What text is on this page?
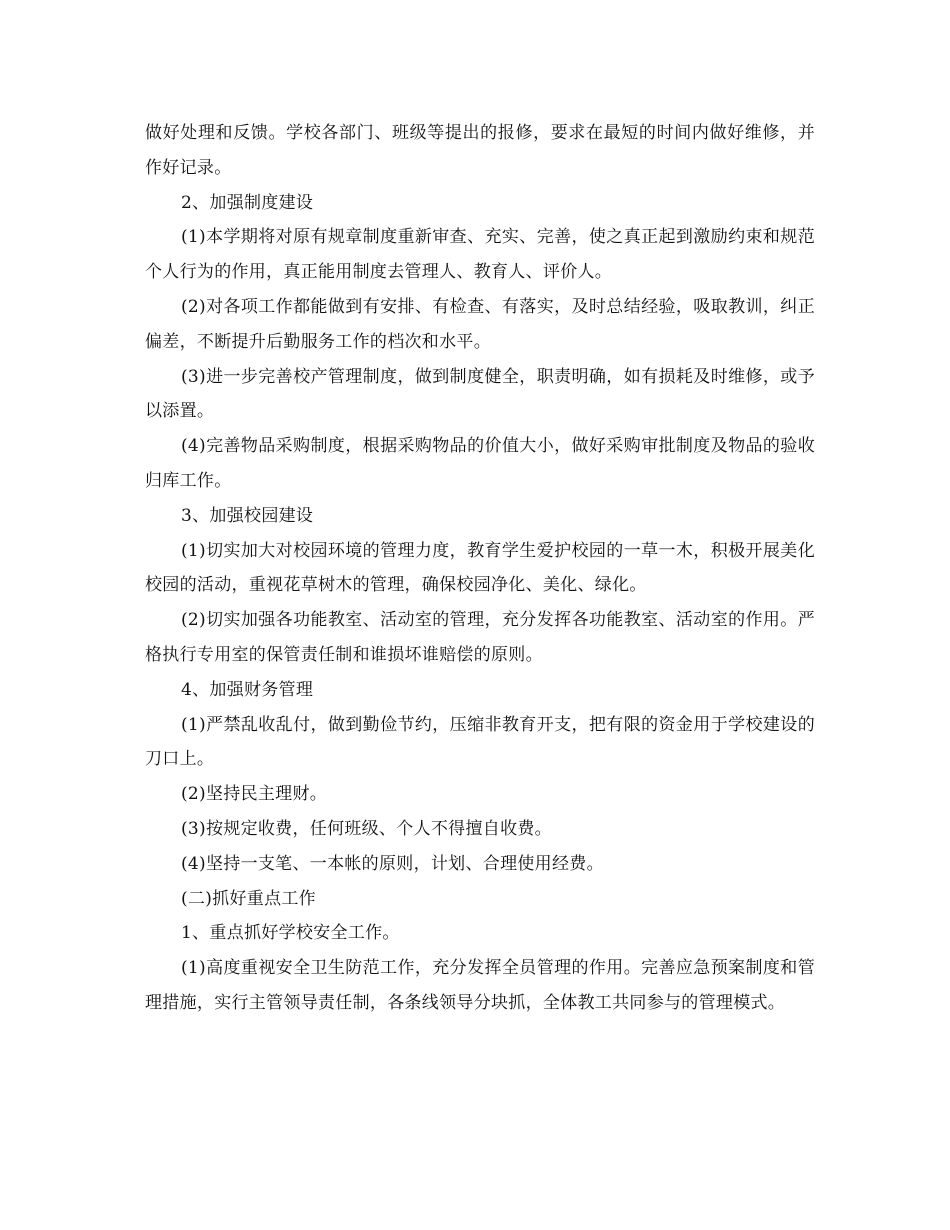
做好处理和反馈。学校各部门、班级等提出的报修，要求在最短的时间内做好维修，并作好记录。

2、加强制度建设

(1)本学期将对原有规章制度重新审查、充实、完善，使之真正起到激励约束和规范个人行为的作用，真正能用制度去管理人、教育人、评价人。

(2)对各项工作都能做到有安排、有检查、有落实，及时总结经验，吸取教训，纠正偏差，不断提升后勤服务工作的档次和水平。

(3)进一步完善校产管理制度，做到制度健全，职责明确，如有损耗及时维修，或予以添置。

(4)完善物品采购制度，根据采购物品的价值大小，做好采购审批制度及物品的验收归库工作。

3、加强校园建设

(1)切实加大对校园环境的管理力度，教育学生爱护校园的一草一木，积极开展美化校园的活动，重视花草树木的管理，确保校园净化、美化、绿化。

(2)切实加强各功能教室、活动室的管理，充分发挥各功能教室、活动室的作用。严格执行专用室的保管责任制和谁损坏谁赔偿的原则。

4、加强财务管理

(1)严禁乱收乱付，做到勤俭节约，压缩非教育开支，把有限的资金用于学校建设的刀口上。

(2)坚持民主理财。

(3)按规定收费，任何班级、个人不得擅自收费。

(4)坚持一支笔、一本帐的原则，计划、合理使用经费。

(二)抓好重点工作

1、重点抓好学校安全工作。

(1)高度重视安全卫生防范工作，充分发挥全员管理的作用。完善应急预案制度和管理措施，实行主管领导责任制，各条线领导分块抓，全体教工共同参与的管理模式。
